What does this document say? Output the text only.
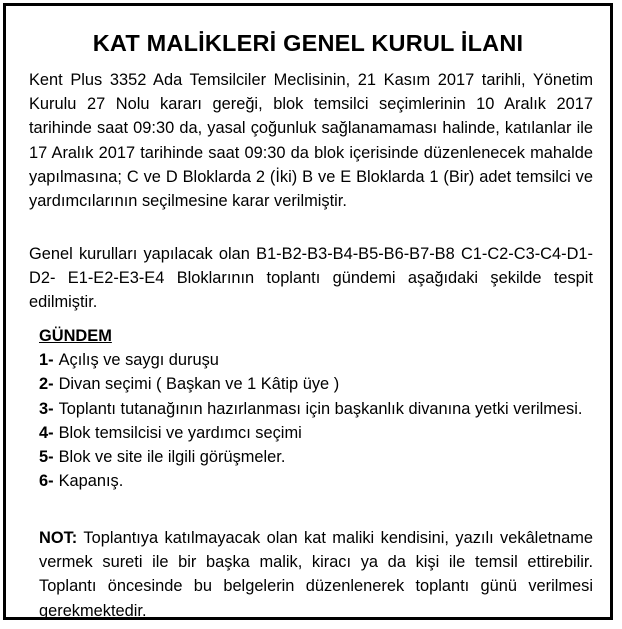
KAT MALİKLERİ GENEL KURUL İLANI
Kent Plus 3352 Ada Temsilciler Meclisinin, 21 Kasım 2017 tarihli, Yönetim Kurulu 27 Nolu kararı gereği, blok temsilci seçimlerinin 10 Aralık 2017 tarihinde saat 09:30 da, yasal çoğunluk sağlanamaması halinde, katılanlar ile 17 Aralık 2017 tarihinde saat 09:30 da blok içerisinde düzenlenecek mahalde yapılmasına; C ve D Bloklarda 2 (İki) B ve E Bloklarda 1 (Bir) adet temsilci ve yardımcılarının seçilmesine karar verilmiştir.
Genel kurulları yapılacak olan B1-B2-B3-B4-B5-B6-B7-B8 C1-C2-C3-C4-D1-D2- E1-E2-E3-E4 Bloklarının toplantı gündemi aşağıdaki şekilde tespit edilmiştir.
GÜNDEM
1- Açılış ve saygı duruşu
2- Divan seçimi ( Başkan ve 1 Kâtip üye )
3- Toplantı tutanağının hazırlanması için başkanlık divanına yetki verilmesi.
4- Blok temsilcisi ve yardımcı seçimi
5- Blok ve site ile ilgili görüşmeler.
6- Kapanış.
NOT: Toplantıya katılmayacak olan kat maliki kendisini, yazılı vekâletname vermek sureti ile bir başka malik, kiracı ya da kişi ile temsil ettirebilir. Toplantı öncesinde bu belgelerin düzenlenerek toplantı günü verilmesi gerekmektedir.
